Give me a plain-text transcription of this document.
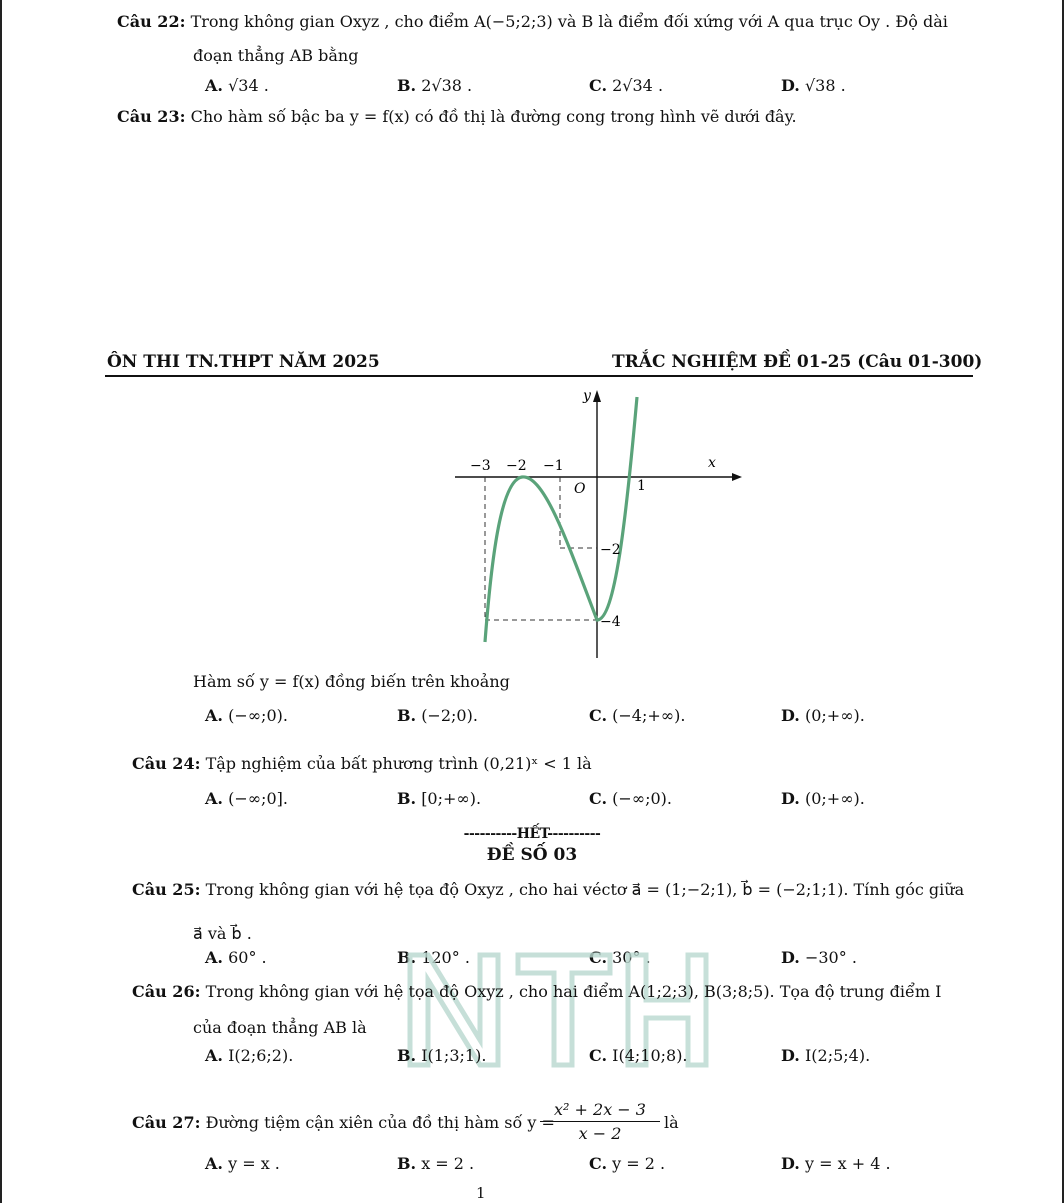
Câu 22: Trong không gian Oxyz , cho điểm A(−5;2;3) và B là điểm đối xứng với A qua trục Oy . Độ dài
đoạn thẳng AB bằng
A. √34 .	B. 2√38 .	C. 2√34 .	D. √38 .
Câu 23: Cho hàm số bậc ba y = f(x) có đồ thị là đường cong trong hình vẽ dưới đây.
ÔN THI TN.THPT NĂM 2025	TRẮC NGHIỆM ĐỀ 01-25 (Câu 01-300)
y
x
O
−3 −2 −1
1
−2
−4
Hàm số y = f(x) đồng biến trên khoảng
A. (−∞;0).	B. (−2;0).	C. (−4;+∞).	D. (0;+∞).
Câu 24: Tập nghiệm của bất phương trình (0,21)ˣ < 1 là
A. (−∞;0].	B. [0;+∞).	C. (−∞;0).	D. (0;+∞).
----------HẾT----------
ĐỀ SỐ 03
Câu 25: Trong không gian với hệ tọa độ Oxyz , cho hai véctơ a⃗ = (1;−2;1), b⃗ = (−2;1;1). Tính góc giữa
a⃗ và b⃗ .
A. 60° .	B. 120° .	C. 30° .	D. −30° .
Câu 26: Trong không gian với hệ tọa độ Oxyz , cho hai điểm A(1;2;3), B(3;8;5). Tọa độ trung điểm I
của đoạn thẳng AB là
A. I(2;6;2).	B. I(1;3;1).	C. I(4;10;8).	D. I(2;5;4).
Câu 27: Đường tiệm cận xiên của đồ thị hàm số y =
x² + 2x − 3
x − 2
là
A. y = x .	B. x = 2 .	C. y = 2 .	D. y = x + 4 .
1
